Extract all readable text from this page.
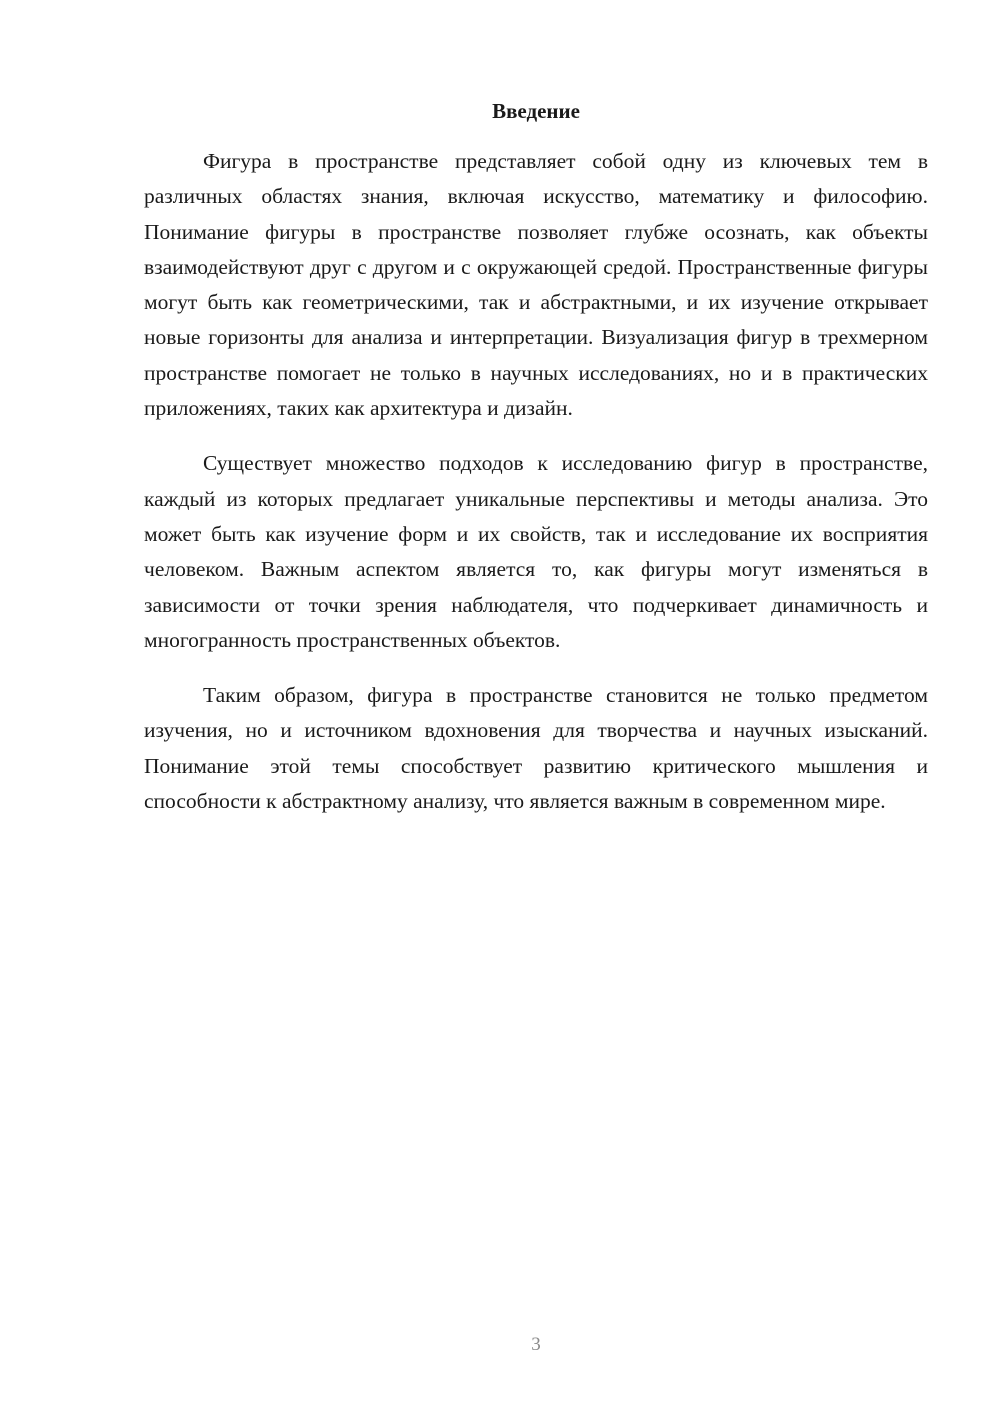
Введение

Фигура в пространстве представляет собой одну из ключевых тем в различных областях знания, включая искусство, математику и философию. Понимание фигуры в пространстве позволяет глубже осознать, как объекты взаимодействуют друг с другом и с окружающей средой. Пространственные фигуры могут быть как геометрическими, так и абстрактными, и их изучение открывает новые горизонты для анализа и интерпретации. Визуализация фигур в трехмерном пространстве помогает не только в научных исследованиях, но и в практических приложениях, таких как архитектура и дизайн.

Существует множество подходов к исследованию фигур в пространстве, каждый из которых предлагает уникальные перспективы и методы анализа. Это может быть как изучение форм и их свойств, так и исследование их восприятия человеком. Важным аспектом является то, как фигуры могут изменяться в зависимости от точки зрения наблюдателя, что подчеркивает динамичность и многогранность пространственных объектов.

Таким образом, фигура в пространстве становится не только предметом изучения, но и источником вдохновения для творчества и научных изысканий. Понимание этой темы способствует развитию критического мышления и способности к абстрактному анализу, что является важным в современном мире.

3
